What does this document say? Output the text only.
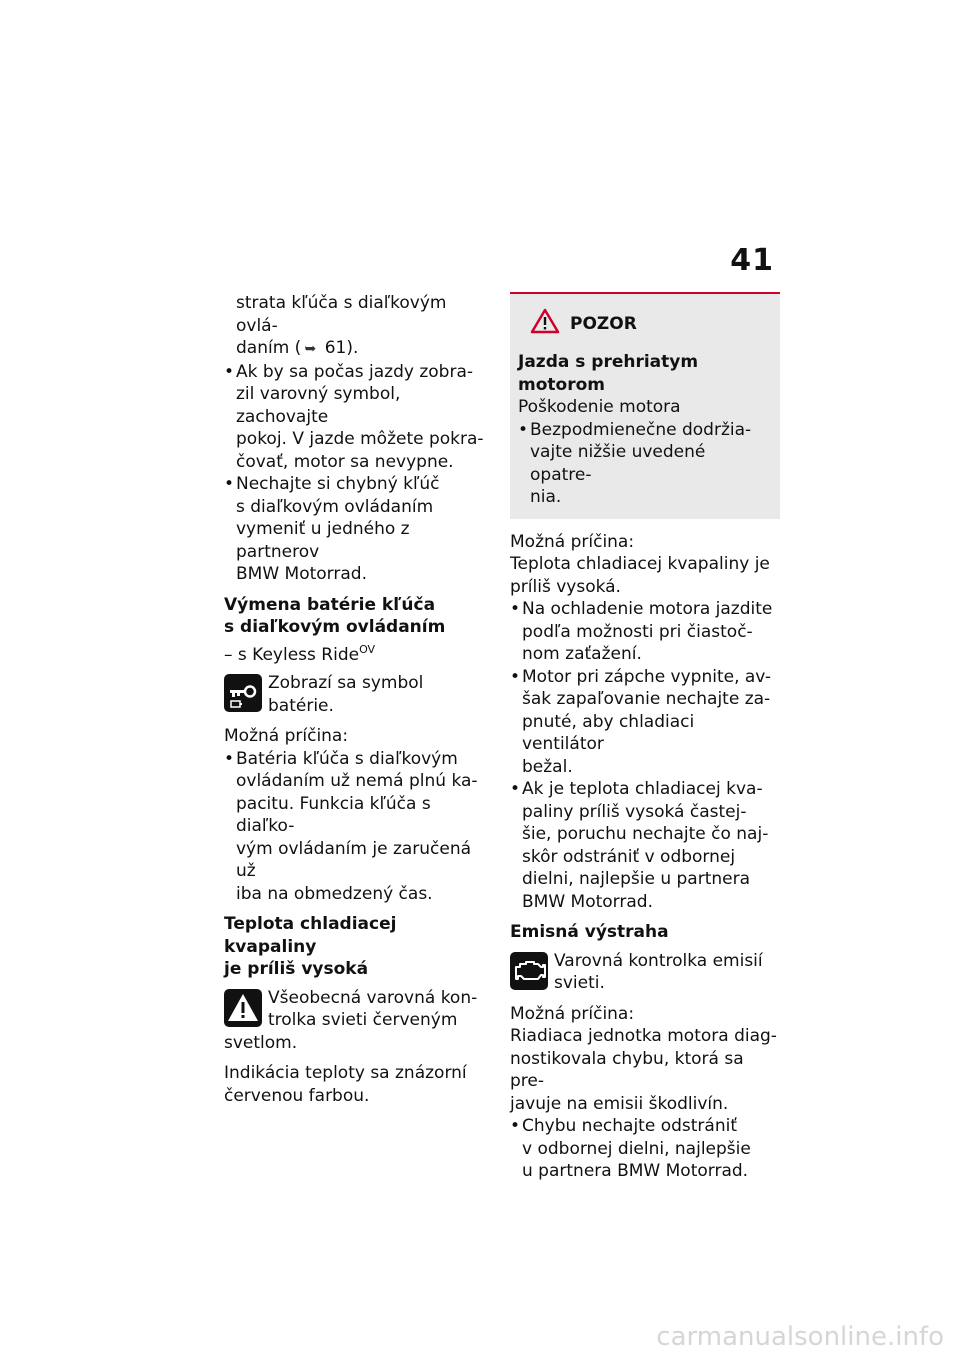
41

strata kľúča s diaľkovým ovlá-

daním ( ➥ 61).

• Ak by sa počas jazdy zobra-

zil varovný symbol, zachovajte

pokoj. V jazde môžete pokra-

čovať, motor sa nevypne.

• Nechajte si chybný kľúč

s diaľkovým ovládaním

vymeniť u jedného z partnerov

BMW Motorrad.

Výmena batérie kľúča

s diaľkovým ovládaním

– s Keyless Ride$^{OV}$

Zobrazí sa symbol batérie.

Možná príčina:

• Batéria kľúča s diaľkovým

ovládaním už nemá plnú ka-

pacitu. Funkcia kľúča s diaľko-

vým ovládaním je zaručená už

iba na obmedzený čas.

Teplota chladiacej kvapaliny

je príliš vysoká

Všeobecná varovná kon-

trolka svieti červeným

svetlom.

Indikácia teploty sa znázorní

červenou farbou.

POZOR

Jazda s prehriatym motorom

Poškodenie motora

• Bezpodmienečne dodržia-

vajte nižšie uvedené opatre-

nia.

Možná príčina:

Teplota chladiacej kvapaliny je

príliš vysoká.

• Na ochladenie motora jazdite

podľa možnosti pri čiastoč-

nom zaťažení.

• Motor pri zápche vypnite, av-

šak zapaľovanie nechajte za-

pnuté, aby chladiaci ventilátor

bežal.

• Ak je teplota chladiacej kva-

paliny príliš vysoká častej-

šie, poruchu nechajte čo naj-

skôr odstrániť v odbornej

dielni, najlepšie u partnera

BMW Motorrad.

Emisná výstraha

Varovná kontrolka emisií

svieti.

Možná príčina:

Riadiaca jednotka motora diag-

nostikovala chybu, ktorá sa pre-

javuje na emisii škodlivín.

• Chybu nechajte odstrániť

v odbornej dielni, najlepšie

u partnera BMW Motorrad.

carmanualsonline.info
